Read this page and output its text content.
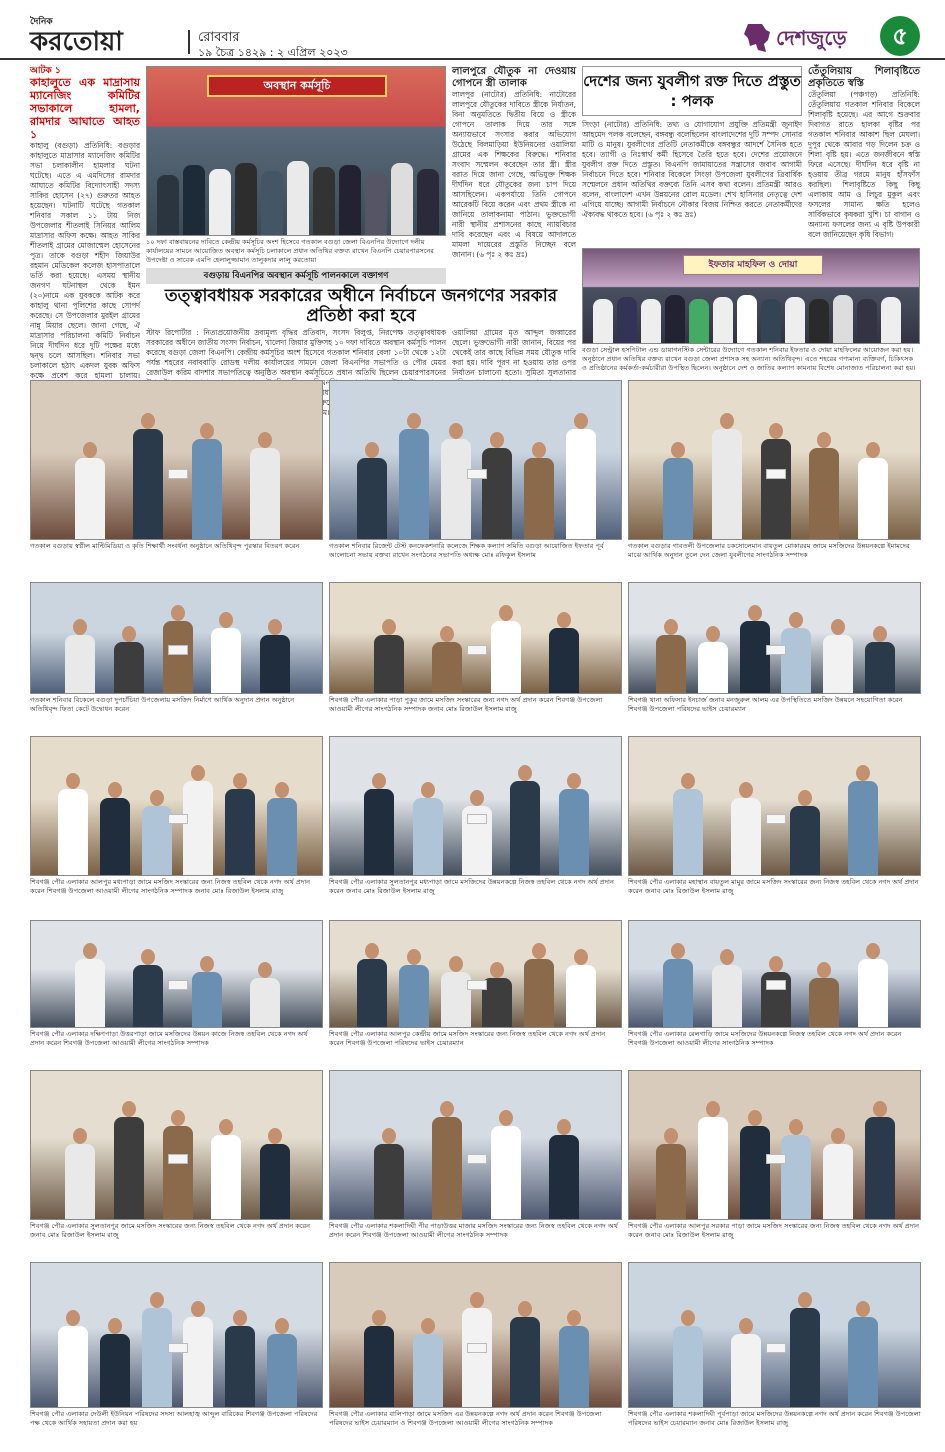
দৈনিক
করতোয়া	রোববার
১৯ চৈত্র ১৪২৯ : ২ এপ্রিল ২০২৩
দেশজুড়ে	৫
আটক ১
কাহালুতে এক মাদ্রাসায় ম্যানেজিং কমিটির সভাকালে হামলা, রামদার আঘাতে আহত ১
কাহালু (বগুড়া) প্রতিনিধি: বগুড়ার কাহালুতে মাদ্রাসার ম্যানেজিং কমিটির সভা চলাকালীন হামলার ঘটনা ঘটেছে। এতে এ এমদিসের রামদার আঘাতে কমিটির বিদ্যোৎসাহী সদস্য সাকির হোসেন (২৭) গুরুতর আহত হয়েছেন। ঘটনাটি ঘটেছে গতকাল শনিবার সকাল ১১ টায় নিজ উপজেলার শীতলাই সিনিয়র আলিম মাদ্রাসার অফিস কক্ষে। আহত সাকির শীতলাই গ্রামের মোজাম্মেল হোসেনের পুত্র। তাকে বগুড়া শহীদ জিয়াউর রহমান মেডিকেল কলেজ হাসপাতালে ভর্তি করা হয়েছে। এসময় স্থানীয় জনগণ ঘটনাস্থল থেকে ইমন (২০)নামে এক যুবককে আটক করে কাহালু থানা পুলিশের কাছে সোপর্দ করেছে। সে উপজেলার মুরইল গ্রামের নান্নু মিয়ার ছেলে। জানা গেছে, ঐ মাদ্রাসার পরিচালনা কমিটি নির্বাচন নিয়ে দীর্ঘদিন ধরে দুটি পক্ষের মধ্যে দ্বন্দ্ব চলে আসছিল। শনিবার সভা চলাকালে হঠাৎ একদল যুবক অফিস কক্ষে প্রবেশ করে হামলা চালায়।
অবস্থান কর্মসূচি
১০ দফা বাস্তবায়নের দাবিতে কেন্দ্রীয় কর্মসূচির অংশ হিসেবে গতকাল বগুড়া জেলা বিএনপির উদ্যোগে দলীয় কার্যালয়ের সামনে আয়োজিত অবস্থান কর্মসূচি চলাকালে প্রধান অতিথির বক্তব্য রাখেন বিএনপি চেয়ারপারসনের উপদেষ্টা ও সাবেক এমপি হেলালুজ্জামান তালুকদার লালু করতোয়া
লালপুরে যৌতুক না দেওয়ায় গোপনে স্ত্রী তালাক
লালপুর (নাটোর) প্রতিনিধি: নাটোরের লালপুরে যৌতুকের দাবিতে স্ত্রীকে নির্যাতন, বিনা অনুমতিতে দ্বিতীয় বিয়ে ও স্ত্রীকে গোপনে তালাক দিয়ে তার সঙ্গে অন্যায়ভাবে সংসার করার অভিযোগ উঠেছে বিলমাড়িয়া ইউনিয়নের ওয়ালিয়া গ্রামের এক শিক্ষকের বিরুদ্ধে। শনিবার সংবাদ সম্মেলন করেছেন তার স্ত্রী। স্ত্রীর বরাত দিয়ে জানা গেছে, অভিযুক্ত শিক্ষক দীর্ঘদিন ধরে যৌতুকের জন্য চাপ দিয়ে আসছিলেন। একপর্যায়ে তিনি গোপনে আরেকটি বিয়ে করেন এবং প্রথম স্ত্রীকে না জানিয়ে তালাকনামা পাঠান। ভুক্তভোগী নারী স্থানীয় প্রশাসনের কাছে ন্যায়বিচার দাবি করেছেন এবং এ বিষয়ে আদালতে মামলা দায়েরের প্রস্তুতি নিচ্ছেন বলে জানান। (৬ পৃঃ ২ কঃ দ্রঃ)
বগুড়ায় বিএনপির অবস্থান কর্মসূচি পালনকালে বক্তাগণ
তত্ত্বাবধায়ক সরকারের অধীনে নির্বাচনে জনগণের সরকার প্রতিষ্ঠা করা হবে
স্টাফ রিপোর্টার : নিত্যপ্রয়োজনীয় দ্রব্যমূল্য বৃদ্ধির প্রতিবাদ, সংসদ বিলুপ্ত, নিরপেক্ষ তত্ত্বাবধায়ক সরকারের অধীনে জাতীয় সংসদ নির্বাচন, খালেদা জিয়ার মুক্তিসহ ১০ দফা দাবিতে অবস্থান কর্মসূচি পালন করেছে বগুড়া জেলা বিএনপি। কেন্দ্রীয় কর্মসূচির অংশ হিসেবে গতকাল শনিবার বেলা ১০টা থেকে ১২টা পর্যন্ত শহরের নবাববাড়ি রোডস্থ দলীয় কার্যালয়ের সামনে জেলা বিএনপির সভাপতি ও পৌর মেয়র রেজাউল করিম বাদশার সভাপতিত্বে অনুষ্ঠিত অবস্থান কর্মসূচিতে প্রধান অতিথি ছিলেন চেয়ারপারসনের বিএনপির সাধারণ
ওয়ালিয়া গ্রামের মৃত আব্দুল জব্বারের ছেলে। ভুক্তভোগী নারী জানান, বিয়ের পর থেকেই তার কাছে বিভিন্ন সময় যৌতুক দাবি করা হয়। দাবি পূরণ না হওয়ায় তার ওপর নির্যাতন চালানো হতো। সুমিতা সুলতানার
দেশের জন্য যুবলীগ রক্ত দিতে প্রস্তুত : পলক
সিংড়া (নাটোর) প্রতিনিধি: তথ্য ও যোগাযোগ প্রযুক্তি প্রতিমন্ত্রী জুনাইদ আহমেদ পলক বলেছেন, বঙ্গবন্ধু বলেছিলেন বাংলাদেশের দুটি সম্পদ সোনার মাটি ও মানুষ। যুবলীগের প্রতিটি নেতাকর্মীকে বঙ্গবন্ধুর আদর্শে সৈনিক হতে হবে। ত্যাগী ও নিঃস্বার্থ কর্মী হিসেবে তৈরি হতে হবে। দেশের প্রয়োজনে যুবলীগ রক্ত দিতে প্রস্তুত। বিএনপি জামায়াতের সন্ত্রাসের জবাব আগামী নির্বাচনে দিতে হবে। শনিবার বিকেলে সিংড়া উপজেলা যুবলীগের ত্রিবার্ষিক সম্মেলনে প্রধান অতিথির বক্তব্যে তিনি এসব কথা বলেন। প্রতিমন্ত্রী আরও বলেন, বাংলাদেশ এখন উন্নয়নের রোল মডেল। শেখ হাসিনার নেতৃত্বে দেশ এগিয়ে যাচ্ছে। আগামী নির্বাচনে নৌকার বিজয় নিশ্চিত করতে নেতাকর্মীদের ঐক্যবদ্ধ থাকতে হবে। (৬ পৃঃ ২ কঃ দ্রঃ)
তেঁতুলিয়ায় শিলাবৃষ্টিতে প্রকৃতিতে স্বস্তি
তেঁতুলিয়া (পঞ্চগড়) প্রতিনিধি: তেঁতুলিয়ায় গতকাল শনিবার বিকেলে শিলাবৃষ্টি হয়েছে। এর আগে শুক্রবার দিবাগত রাতে হালকা বৃষ্টির পর গতকাল শনিবার আকাশ ছিল মেঘলা। দুপুর থেকে আবার গড় দিলেন চক্র ও শিলা বৃষ্টি হয়। এতে জনজীবনে স্বস্তি ফিরে এসেছে। দীর্ঘদিন ধরে বৃষ্টি না হওয়ায় তীব্র গরমে মানুষ হাঁসফাঁস করছিল। শিলাবৃষ্টিতে কিছু কিছু এলাকায় আম ও লিচুর মুকুল এবং ফসলের সামান্য ক্ষতি হলেও সার্বিকভাবে কৃষকরা খুশি। চা বাগান ও অন্যান্য ফসলের জন্য এ বৃষ্টি উপকারী বলে জানিয়েছেন কৃষি বিভাগ।
ইফতার মাহফিল ও দোয়া
বগুড়া সেন্ট্রাল হসপিটাল এন্ড ডায়াগনস্টিক সেন্টারের উদ্যোগে গতকাল শনিবার ইফতার ও দোয়া মাহফিলের আয়োজন করা হয়। অনুষ্ঠানে প্রধান অতিথির বক্তব্য রাখেন বগুড়া জেলা প্রশাসক সহ অন্যান্য অতিথিবৃন্দ। এতে শহরের গণ্যমান্য ব্যক্তিবর্গ, চিকিৎসক ও প্রতিষ্ঠানের কর্মকর্তা-কর্মচারীরা উপস্থিত ছিলেন। অনুষ্ঠানে দেশ ও জাতির কল্যাণ কামনায় বিশেষ মোনাজাত পরিচালনা করা হয়।
গতকাল বগুড়ায় স্বপ্নীল মাল্টিমিডিয়া ও কৃতি শিক্ষার্থী সংবর্ধনা অনুষ্ঠানে অতিথিবৃন্দ পুরস্কার বিতরণ করেন	গতকাল শনিবার রিজেন্ট টেস্ট কনফেকশনারি কলেজে শিক্ষক কল্যাণ সমিতি বগুড়া আয়োজিত ইফতার পূর্ব আলোচনা সভায় বক্তব্য রাখেন সংগঠনের সভাপতি অধ্যক্ষ মোঃ রফিকুল ইসলাম
গতকাল বগুড়ার গাবতলী উপজেলার চকসোলেমান বায়তুল মোকাররম জামে মসজিদের উন্নয়নকল্পে ইমামদের মাঝে আর্থিক অনুদান তুলে দেন জেলা যুবলীগের সাংগঠনিক সম্পাদক
গতকাল শনিবার বিকেলে বগুড়া দুপচাঁচিয়া উপজেলায় মসজিদ নির্মাণে আর্থিক অনুদান প্রদান অনুষ্ঠানে অতিথিবৃন্দ ফিতা কেটে উদ্বোধন করেন
শিবগঞ্জ পৌর এলাকার পাড়া পুকুর জামে মসজিদ সংস্কারের জন্য নগদ অর্থ প্রদান করেন শিবগঞ্জ উপজেলা আওয়ামী লীগের সাংগঠনিক সম্পাদক জনাব মোঃ রিজাউল ইসলাম রাজু
শিবগঞ্জ থানা অফিসার ইনচার্জ জনাব মনজুরুল আলম এর উপস্থিতিতে মসজিদ উন্নয়নে সহযোগিতা করেন শিবগঞ্জ উপজেলা পরিষদের ভাইস চেয়ারম্যান
শিবগঞ্জ পৌর এলাকার আলপুর মধ্যপাড়া জামে মসজিদ সংস্কারের জন্য নিজস্ব তহবিল থেকে নগদ অর্থ প্রদান করেন শিবগঞ্জ উপজেলা আওয়ামী লীগের সাংগঠনিক সম্পাদক জনাব মোঃ রিজাউল ইসলাম রাজু
শিবগঞ্জ পৌর এলাকার সুলতানপুর মধ্যপাড়া জামে মসজিদের উন্নয়নকল্পে নিজস্ব তহবিল থেকে নগদ অর্থ প্রদান করেন জনাব মোঃ রিজাউল ইসলাম রাজু
শিবগঞ্জ পৌর এলাকার মহাস্থান বায়তুল মামুর জামে মসজিদ সংস্কারের জন্য নিজস্ব তহবিল থেকে নগদ অর্থ প্রদান করেন জনাব মোঃ রিজাউল ইসলাম রাজু
শিবগঞ্জ পৌর এলাকার দক্ষিণপাড়া উত্তরপাড়া জামে মসজিদের উন্নয়ন কাজে নিজস্ব তহবিল থেকে নগদ অর্থ প্রদান করেন শিবগঞ্জ উপজেলা আওয়ামী লীগের সাংগঠনিক সম্পাদক
শিবগঞ্জ পৌর এলাকার আলপুর কেন্দ্রীয় জামে মসজিদ সংস্কারের জন্য নিজস্ব তহবিল থেকে নগদ অর্থ প্রদান করেন শিবগঞ্জ উপজেলা পরিষদের ভাইস চেয়ারম্যান
শিবগঞ্জ পৌর এলাকার রেলগাড়ি জামে মসজিদের উন্নয়নকল্পে নিজস্ব তহবিল থেকে নগদ অর্থ প্রদান করেন শিবগঞ্জ উপজেলা আওয়ামী লীগের সাংগঠনিক সম্পাদক
শিবগঞ্জ পৌর এলাকার সুলতানপুর জামে মসজিদ সংস্কারের জন্য নিজস্ব তহবিল থেকে নগদ অর্থ প্রদান করেন জনাব মোঃ রিজাউল ইসলাম রাজু
শিবগঞ্জ পৌর এলাকার শকলাদিঘী পীর পাড়াউত্তর মাজার মসজিদ সংস্কারের জন্য নিজস্ব তহবিল থেকে নগদ অর্থ প্রদান করেন শিবগঞ্জ উপজেলা আওয়ামী লীগের সাংগঠনিক সম্পাদক
শিবগঞ্জ পৌর এলাকার আলপুর সরকার পাড়া জামে মসজিদ সংস্কারের জন্য নিজস্ব তহবিল থেকে নগদ অর্থ প্রদান করেন জনাব মোঃ রিজাউল ইসলাম রাজু
শিবগঞ্জ পৌর এলাকার দেউলী ইউনিয়ন পরিষদের সদস্য আলহাজ্ব আব্দুল বারিকের শিবগঞ্জ উপজেলা পরিষদের পক্ষ থেকে আর্থিক সহায়তা প্রদান করা হয়
শিবগঞ্জ পৌর এলাকার বালিপাড়া জামে মসজিদ এর উন্নয়নকল্পে নগদ অর্থ প্রদান করেন শিবগঞ্জ উপজেলা পরিষদের ভাইস চেয়ারম্যান ও শিবগঞ্জ উপজেলা আওয়ামী লীগের সাংগঠনিক সম্পাদক
শিবগঞ্জ পৌর এলাকার শকলাদিঘী পূর্বপাড়া জামে মসজিদের উন্নয়নকল্পে নগদ অর্থ প্রদান করেন শিবগঞ্জ উপজেলা পরিষদের ভাইস চেয়ারম্যান জনাব মোঃ রিজাউল ইসলাম রাজু
